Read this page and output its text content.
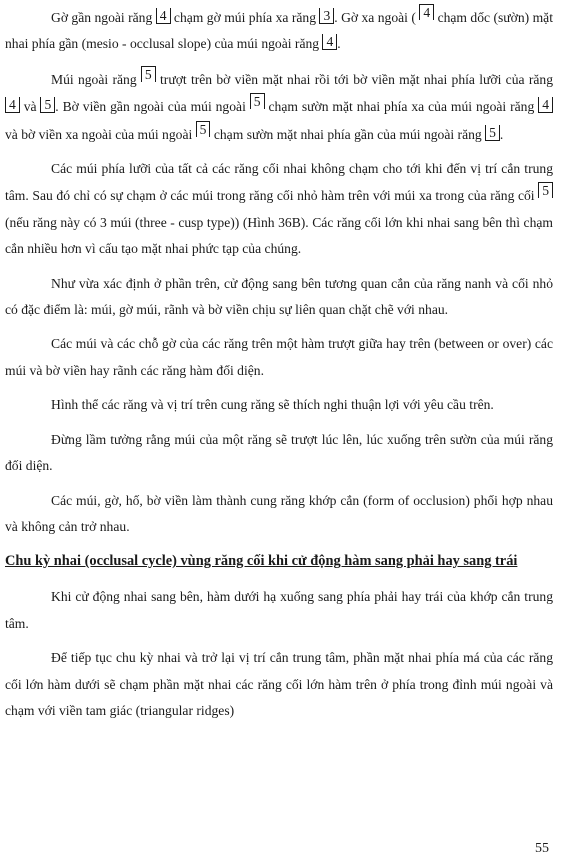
Gờ gần ngoài răng 4 chạm gờ múi phía xa răng 3 . Gờ xa ngoài ( 4 chạm dốc (sườn) mặt nhai phía gần (mesio - occlusal slope) của múi ngoài răng 4 .

Múi ngoài răng 5 trượt trên bờ viền mặt nhai rồi tới bờ viền mặt nhai phía lưỡi của răng 4 và 5 . Bờ viền gần ngoài của múi ngoài 5 chạm sườn mặt nhai phía xa của múi ngoài răng 4 và bờ viền xa ngoài của múi ngoài 5 chạm sườn mặt nhai phía gần của múi ngoài răng 5 .

Các múi phía lưỡi của tất cả các răng cối nhai không chạm cho tới khi đến vị trí cắn trung tâm. Sau đó chỉ có sự chạm ở các múi trong răng cối nhỏ hàm trên với múi xa trong của răng cối 5 (nếu răng này có 3 múi (three - cusp type)) (Hình 36B). Các răng cối lớn khi nhai sang bên thì chạm cắn nhiều hơn vì cấu tạo mặt nhai phức tạp của chúng.

Như vừa xác định ở phần trên, cử động sang bên tương quan cắn của răng nanh và cối nhỏ có đặc điểm là: múi, gờ múi, rãnh và bờ viền chịu sự liên quan chặt chẽ với nhau.

Các múi và các chỗ gờ của các răng trên một hàm trượt giữa hay trên (between or over) các múi và bờ viền hay rãnh các răng hàm đối diện.

Hình thể các răng và vị trí trên cung răng sẽ thích nghi thuận lợi với yêu cầu trên.

Đừng lầm tưởng rằng múi của một răng sẽ trượt lúc lên, lúc xuống trên sườn của múi răng đối diện.

Các múi, gờ, hố, bờ viền làm thành cung răng khớp cắn (form of occlusion) phối hợp nhau và không cản trở nhau.

Chu kỳ nhai (occlusal cycle) vùng răng cối khi cử động hàm sang phải hay sang trái

Khi cử động nhai sang bên, hàm dưới hạ xuống sang phía phải hay trái của khớp cắn trung tâm.

Để tiếp tục chu kỳ nhai và trở lại vị trí cắn trung tâm, phần mặt nhai phía má của các răng cối lớn hàm dưới sẽ chạm phần mặt nhai các răng cối lớn hàm trên ở phía trong đỉnh múi ngoài và chạm với viền tam giác (triangular ridges)

55
